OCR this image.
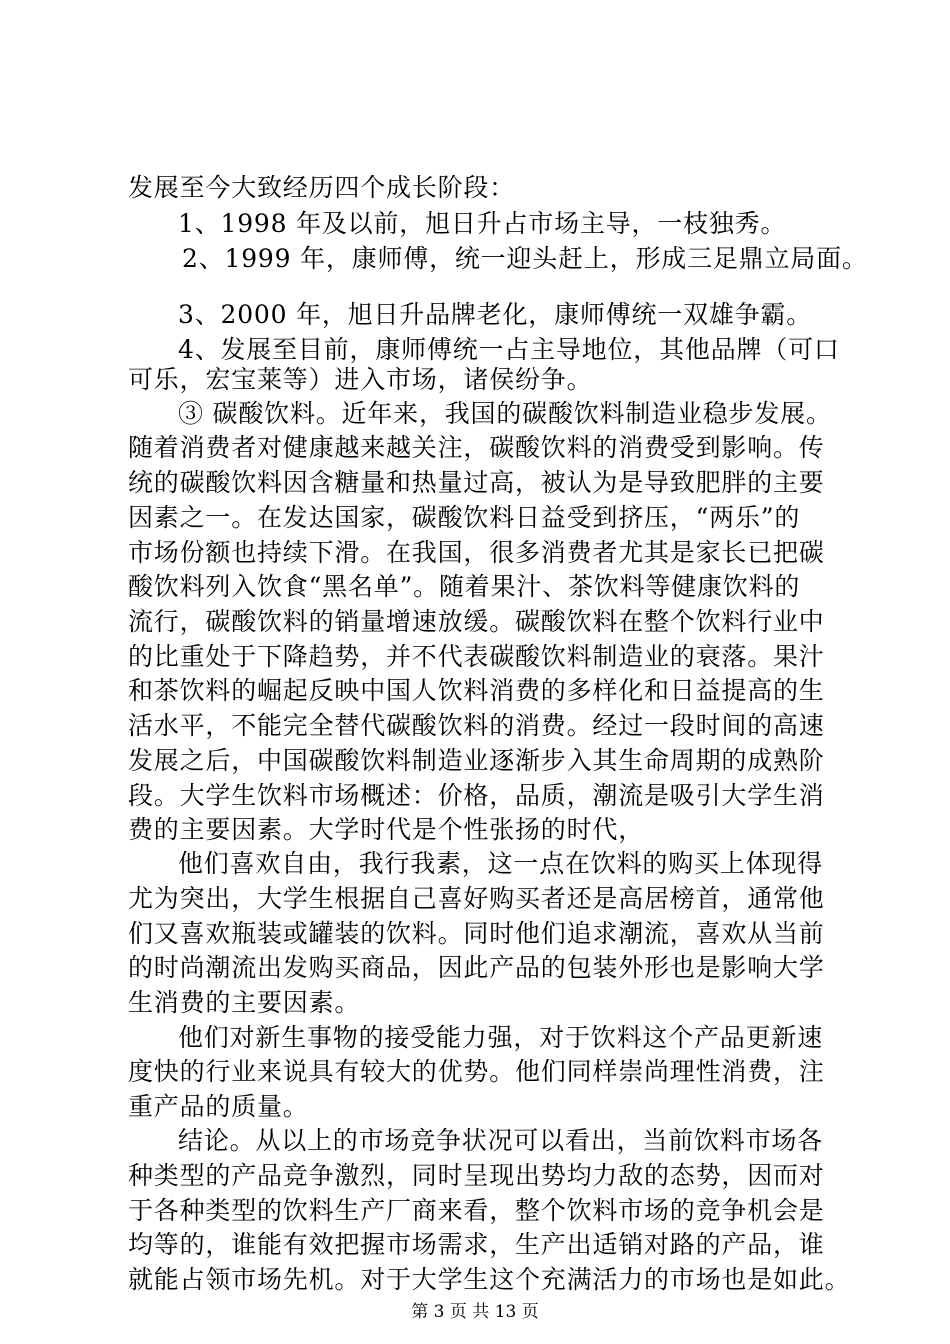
发展至今大致经历四个成长阶段：
1、1998 年及以前，旭日升占市场主导，一枝独秀。
2、1999 年，康师傅，统一迎头赶上，形成三足鼎立局面。
3、2000 年，旭日升品牌老化，康师傅统一双雄争霸。
4、发展至目前，康师傅统一占主导地位，其他品牌（可口
可乐，宏宝莱等）进入市场，诸侯纷争。
③ 碳酸饮料。近年来，我国的碳酸饮料制造业稳步发展。
随着消费者对健康越来越关注，碳酸饮料的消费受到影响。传
统的碳酸饮料因含糖量和热量过高，被认为是导致肥胖的主要
因素之一。在发达国家，碳酸饮料日益受到挤压，“两乐”的
市场份额也持续下滑。在我国，很多消费者尤其是家长已把碳
酸饮料列入饮食“黑名单”。随着果汁、茶饮料等健康饮料的
流行，碳酸饮料的销量增速放缓。碳酸饮料在整个饮料行业中
的比重处于下降趋势，并不代表碳酸饮料制造业的衰落。果汁
和茶饮料的崛起反映中国人饮料消费的多样化和日益提高的生
活水平，不能完全替代碳酸饮料的消费。经过一段时间的高速
发展之后，中国碳酸饮料制造业逐渐步入其生命周期的成熟阶
段。大学生饮料市场概述：价格，品质，潮流是吸引大学生消
费的主要因素。大学时代是个性张扬的时代，
他们喜欢自由，我行我素，这一点在饮料的购买上体现得
尤为突出，大学生根据自己喜好购买者还是高居榜首，通常他
们又喜欢瓶装或罐装的饮料。同时他们追求潮流，喜欢从当前
的时尚潮流出发购买商品，因此产品的包装外形也是影响大学
生消费的主要因素。
他们对新生事物的接受能力强，对于饮料这个产品更新速
度快的行业来说具有较大的优势。他们同样崇尚理性消费，注
重产品的质量。
结论。从以上的市场竞争状况可以看出，当前饮料市场各
种类型的产品竞争激烈，同时呈现出势均力敌的态势，因而对
于各种类型的饮料生产厂商来看，整个饮料市场的竞争机会是
均等的，谁能有效把握市场需求，生产出适销对路的产品，谁
就能占领市场先机。对于大学生这个充满活力的市场也是如此。
第 3 页 共 13 页
